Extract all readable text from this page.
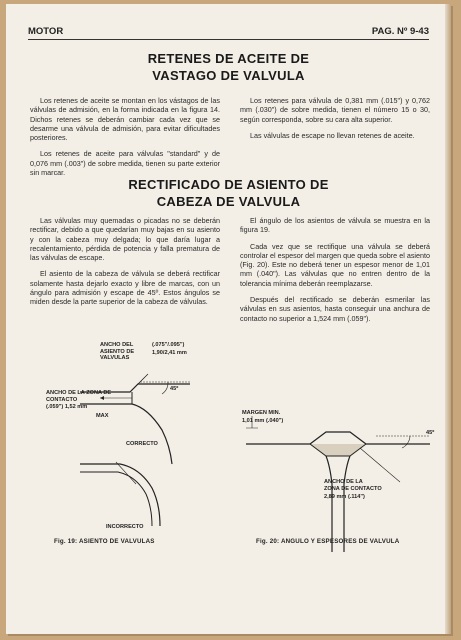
MOTOR	PAG. Nº 9-43
RETENES DE ACEITE DE
VASTAGO DE VALVULA

Los retenes de aceite se montan en los vástagos de las válvulas de admisión, en la forma indicada en la figura 14. Dichos retenes se deberán cambiar cada vez que se desarme una válvula de admisión, para evitar dificultades posteriores.

Los retenes de aceite para válvulas "standard" y de 0,076 mm (.003") de sobre medida, tienen su parte exterior sin marcar.

Los retenes para válvula de 0,381 mm (.015") y 0,762 mm (.030") de sobre medida, tienen el número 15 o 30, según corresponda, sobre su cara alta superior.

Las válvulas de escape no llevan retenes de aceite.

RECTIFICADO DE ASIENTO DE
CABEZA DE VALVULA

Las válvulas muy quemadas o picadas no se deberán rectificar, debido a que quedarían muy bajas en su asiento y con la cabeza muy delgada; lo que daría lugar a recalentamiento, pérdida de potencia y falla prematura de las válvulas de escape.

El asiento de la cabeza de válvula se deberá rectificar solamente hasta dejarlo exacto y libre de marcas, con un ángulo para admisión y escape de 45º. Estos ángulos se miden desde la parte superior de la cabeza de válvulas.

El ángulo de los asientos de válvula se muestra en la figura 19.

Cada vez que se rectifique una válvula se deberá controlar el espesor del margen que queda sobre el asiento (Fig. 20). Este no deberá tener un espesor menor de 1,01 mm (.040"). Las válvulas que no entren dentro de la tolerancia mínima deberán reemplazarse.

Después del rectificado se deberán esmerilar las válvulas en sus asientos, hasta conseguir una anchura de contacto no superior a 1,524 mm (.059").

ANCHO DEL ASIENTO DE VALVULAS
(.075"/.095")
1,90/2,41 mm
45º
ANCHO DE LA ZONA DE CONTACTO
(.059") 1,52 mm
MAX
CORRECTO
INCORRECTO
Fig. 19: ASIENTO DE VALVULAS
MARGEN MIN.
1,01 mm (.040")
45º
ANCHO DE LA
ZONA DE CONTACTO
2,89 mm (.114")
Fig. 20: ANGULO Y ESPESORES DE VALVULA
